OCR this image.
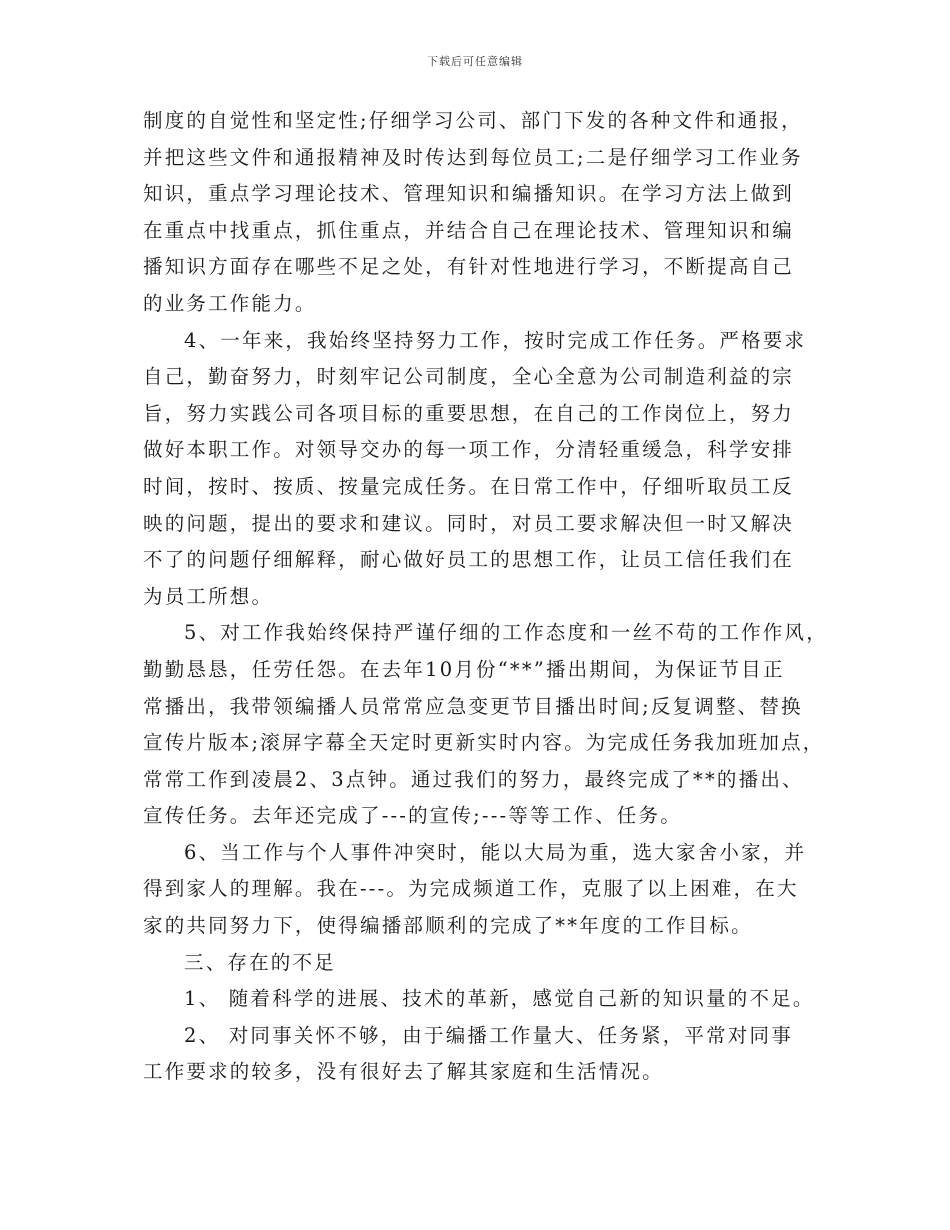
下载后可任意编辑
制度的自觉性和坚定性;仔细学习公司、部门下发的各种文件和通报，
并把这些文件和通报精神及时传达到每位员工;二是仔细学习工作业务
知识，重点学习理论技术、管理知识和编播知识。在学习方法上做到
在重点中找重点，抓住重点，并结合自己在理论技术、管理知识和编
播知识方面存在哪些不足之处，有针对性地进行学习，不断提高自己
的业务工作能力。
4、一年来，我始终坚持努力工作，按时完成工作任务。严格要求
自己，勤奋努力，时刻牢记公司制度，全心全意为公司制造利益的宗
旨，努力实践公司各项目标的重要思想，在自己的工作岗位上，努力
做好本职工作。对领导交办的每一项工作，分清轻重缓急，科学安排
时间，按时、按质、按量完成任务。在日常工作中，仔细听取员工反
映的问题，提出的要求和建议。同时，对员工要求解决但一时又解决
不了的问题仔细解释，耐心做好员工的思想工作，让员工信任我们在
为员工所想。
5、对工作我始终保持严谨仔细的工作态度和一丝不苟的工作作风，
勤勤恳恳，任劳任怨。在去年10月份“**”播出期间，为保证节目正
常播出，我带领编播人员常常应急变更节目播出时间;反复调整、替换
宣传片版本;滚屏字幕全天定时更新实时内容。为完成任务我加班加点，
常常工作到凌晨2、3点钟。通过我们的努力，最终完成了**的播出、
宣传任务。去年还完成了---的宣传;---等等工作、任务。
6、当工作与个人事件冲突时，能以大局为重，选大家舍小家，并
得到家人的理解。我在---。为完成频道工作，克服了以上困难，在大
家的共同努力下，使得编播部顺利的完成了**年度的工作目标。
三、存在的不足
1、 随着科学的进展、技术的革新，感觉自己新的知识量的不足。
2、 对同事关怀不够，由于编播工作量大、任务紧，平常对同事
工作要求的较多，没有很好去了解其家庭和生活情况。
